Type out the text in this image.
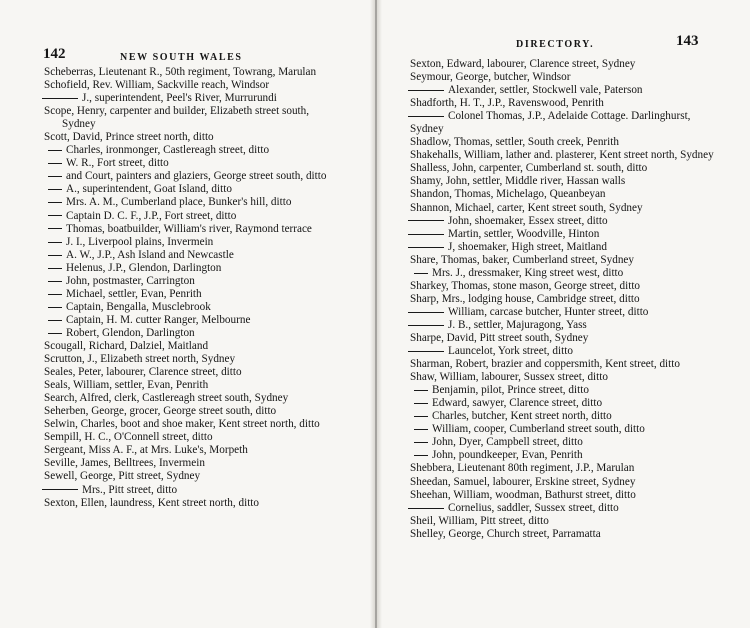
142	NEW SOUTH WALES
Scheberras, Lieutenant R., 50th regiment, Towrang, Marulan
Schofield, Rev. William, Sackville reach, Windsor
J., superintendent, Peel's River, Murrurundi
Scope, Henry, carpenter and builder, Elizabeth street south, Sydney
Scott, David, Prince street north, ditto
Charles, ironmonger, Castlereagh street, ditto
W. R., Fort street, ditto
and Court, painters and glaziers, George street south, ditto
A., superintendent, Goat Island, ditto
Mrs. A. M., Cumberland place, Bunker's hill, ditto
Captain D. C. F., J.P., Fort street, ditto
Thomas, boatbuilder, William's river, Raymond terrace
J. I., Liverpool plains, Invermein
A. W., J.P., Ash Island and Newcastle
Helenus, J.P., Glendon, Darlington
John, postmaster, Carrington
Michael, settler, Evan, Penrith
Captain, Bengalla, Musclebrook
Captain, H. M. cutter Ranger, Melbourne
Robert, Glendon, Darlington
Scougall, Richard, Dalziel, Maitland
Scrutton, J., Elizabeth street north, Sydney
Seales, Peter, labourer, Clarence street, ditto
Seals, William, settler, Evan, Penrith
Search, Alfred, clerk, Castlereagh street south, Sydney
Seherben, George, grocer, George street south, ditto
Selwin, Charles, boot and shoe maker, Kent street north, ditto
Sempill, H. C., O'Connell street, ditto
Sergeant, Miss A. F., at Mrs. Luke's, Morpeth
Seville, James, Belltrees, Invermein
Sewell, George, Pitt street, Sydney
Mrs., Pitt street, ditto
Sexton, Ellen, laundress, Kent street north, ditto
DIRECTORY.	143
Sexton, Edward, labourer, Clarence street, Sydney
Seymour, George, butcher, Windsor
Alexander, settler, Stockwell vale, Paterson
Shadforth, H. T., J.P., Ravenswood, Penrith
Colonel Thomas, J.P., Adelaide Cottage. Darlinghurst, Sydney
Shadlow, Thomas, settler, South creek, Penrith
Shakehalls, William, lather and. plasterer, Kent street north, Sydney
Shalless, John, carpenter, Cumberland st. south, ditto
Shamy, John, settler, Middle river, Hassan walls
Shandon, Thomas, Michelago, Queanbeyan
Shannon, Michael, carter, Kent street south, Sydney
John, shoemaker, Essex street, ditto
Martin, settler, Woodville, Hinton
J, shoemaker, High street, Maitland
Share, Thomas, baker, Cumberland street, Sydney
Mrs. J., dressmaker, King street west, ditto
Sharkey, Thomas, stone mason, George street, ditto
Sharp, Mrs., lodging house, Cambridge street, ditto
William, carcase butcher, Hunter street, ditto
J. B., settler, Majuragong, Yass
Sharpe, David, Pitt street south, Sydney
Launcelot, York street, ditto
Sharman, Robert, brazier and coppersmith, Kent street, ditto
Shaw, William, labourer, Sussex street, ditto
Benjamin, pilot, Prince street, ditto
Edward, sawyer, Clarence street, ditto
Charles, butcher, Kent street north, ditto
William, cooper, Cumberland street south, ditto
John, Dyer, Campbell street, ditto
John, poundkeeper, Evan, Penrith
Shebbera, Lieutenant 80th regiment, J.P., Marulan
Sheedan, Samuel, labourer, Erskine street, Sydney
Sheehan, William, woodman, Bathurst street, ditto
Cornelius, saddler, Sussex street, ditto
Sheil, William, Pitt street, ditto
Shelley, George, Church street, Parramatta
